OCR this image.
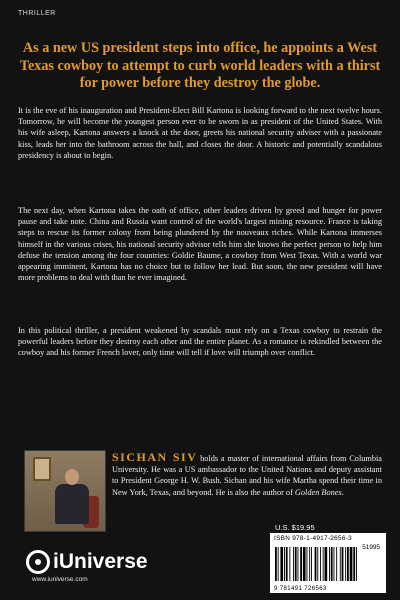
THRILLER
As a new US president steps into office, he appoints a West Texas cowboy to attempt to curb world leaders with a thirst for power before they destroy the globe.

It is the eve of his inauguration and President-Elect Bill Kartona is looking forward to the next twelve hours. Tomorrow, he will become the youngest person ever to be sworn in as president of the United States. With his wife asleep, Kartona answers a knock at the door, greets his national security adviser with a passionate kiss, leads her into the bathroom across the hall, and closes the door. A historic and potentially scandalous presidency is about to begin.

The next day, when Kartona takes the oath of office, other leaders driven by greed and hunger for power pause and take note. China and Russia want control of the world's largest mining resource. France is taking steps to rescue its former colony from being plundered by the nouveaux riches. While Kartona immerses himself in the various crises, his national security advisor tells him she knows the perfect person to help him defuse the tension among the four countries: Goldie Baume, a cowboy from West Texas. With a world war appearing imminent, Kartona has no choice but to follow her lead. But soon, the new president will have more problems to deal with than he ever imagined.

In this political thriller, a president weakened by scandals must rely on a Texas cowboy to restrain the powerful leaders before they destroy each other and the entire planet. As a romance is rekindled between the cowboy and his former French lover, only time will tell if love will triumph over conflict.

SICHAN SIV holds a master of international affairs from Columbia University. He was a US ambassador to the United Nations and deputy assistant to President George H. W. Bush. Sichan and his wife Martha spend their time in New York, Texas, and beyond. He is also the author of Golden Bones.

U.S. $19.95
ISBN 978-1-4917-2656-3
51995
9 781491 726563
iUniverse
www.iuniverse.com
